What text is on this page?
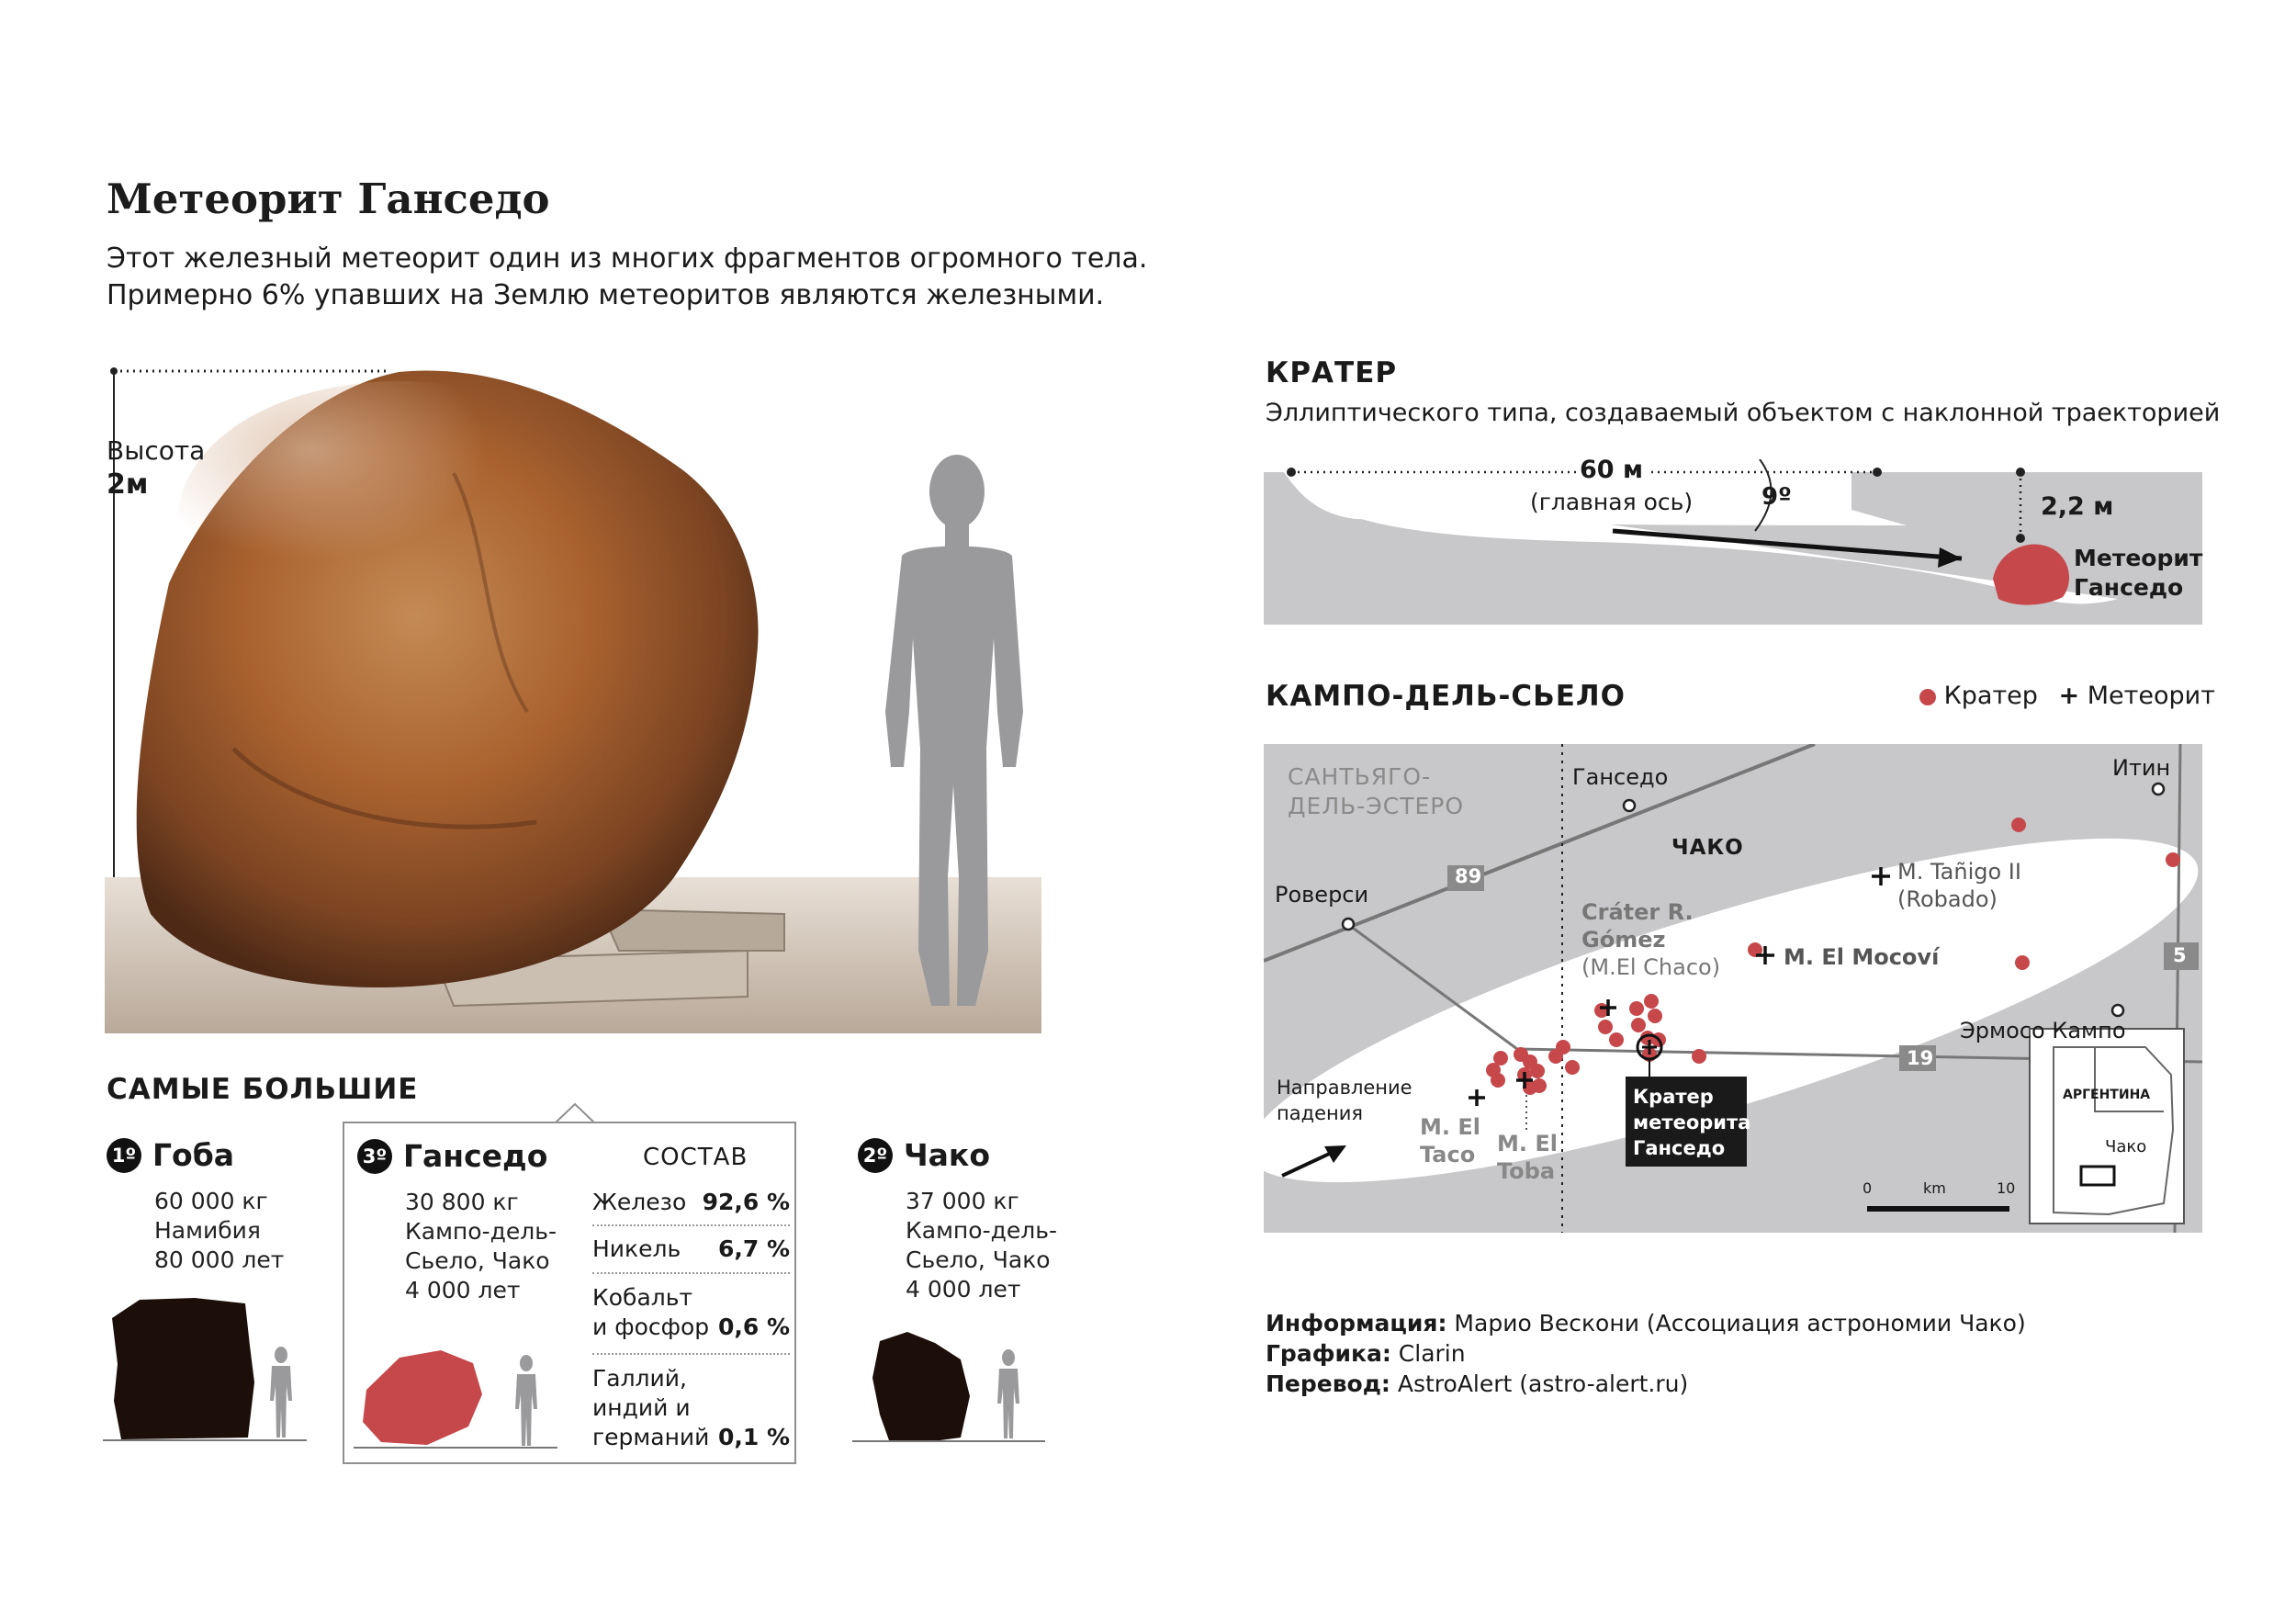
Метеорит Ганседо
Этот железный метеорит один из многих фрагментов огромного тела.
Примерно 6% упавших на Землю метеоритов являются железными.
Высота
2м
САМЫЕ БОЛЬШИЕ
1º Гоба
60 000 кг
Намибия
80 000 лет
3º Ганседо
30 800 кг
Кампо-дель-
Сьело, Чако
4 000 лет
СОСТАВ
Железо 92,6 %
Никель 6,7 %
Кобальт
и фосфор 0,6 %
Галлий,
индий и
германий 0,1 %
2º Чако
37 000 кг
Кампо-дель-
Сьело, Чако
4 000 лет
КРАТЕР
Эллиптического типа, создаваемый объектом с наклонной траекторией
60 м
(главная ось)	9º	2,2 м
Метеорит
Ганседо
КАМПО-ДЕЛЬ-СЬЕЛО	Кратер + Метеорит
САНТЬЯГО-
ДЕЛЬ-ЭСТЕРО
Ганседо
ЧАКО
Итин
Роверси
Эрмосо Кампо
M. Tañigo II
(Robado)
Cráter R.
Gómez
(M.El Chaco)	M. El Mocoví
Направление
падения
M. El
Taco M. El
Toba
Кратер
метеорита
Ганседо
АРГЕНТИНА
Чако
89
19
5
0	km	10
Информация: Марио Вескони (Ассоциация астрономии Чако)
Графика: Clarin
Перевод: AstroAlert (astro-alert.ru)
